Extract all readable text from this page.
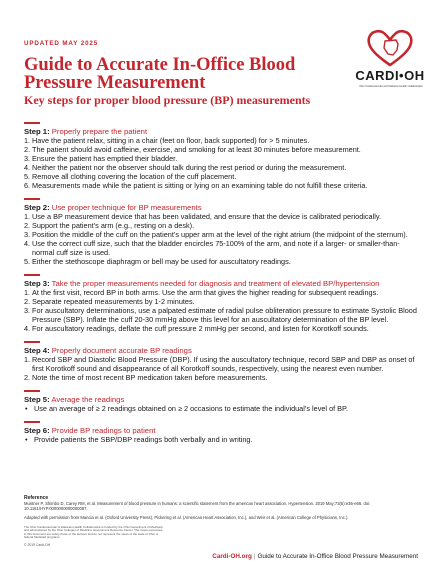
UPDATED MAY 2025
Guide to Accurate In-Office Blood Pressure Measurement
Key steps for proper blood pressure (BP) measurements
CARDI•OH
Ohio Cardiovascular and Diabetes Health Collaborative
Step 1: Properly prepare the patient
1. Have the patient relax, sitting in a chair (feet on floor, back supported) for > 5 minutes.
2. The patient should avoid caffeine, exercise, and smoking for at least 30 minutes before measurement.
3. Ensure the patient has emptied their bladder.
4. Neither the patient nor the observer should talk during the rest period or during the measurement.
5. Remove all clothing covering the location of the cuff placement.
6. Measurements made while the patient is sitting or lying on an examining table do not fulfill these criteria.
Step 2: Use proper technique for BP measurements
1. Use a BP measurement device that has been validated, and ensure that the device is calibrated periodically.
2. Support the patient’s arm (e.g., resting on a desk).
3. Position the middle of the cuff on the patient’s upper arm at the level of the right atrium (the midpoint of the sternum).
4. Use the correct cuff size, such that the bladder encircles 75-100% of the arm, and note if a larger- or smaller-than-normal cuff size is used.
5. Either the stethoscope diaphragm or bell may be used for auscultatory readings.
Step 3: Take the proper measurements needed for diagnosis and treatment of elevated BP/hypertension
1. At the first visit, record BP in both arms. Use the arm that gives the higher reading for subsequent readings.
2. Separate repeated measurements by 1-2 minutes.
3. For auscultatory determinations, use a palpated estimate of radial pulse obliteration pressure to estimate Systolic Blood Pressure (SBP). Inflate the cuff 20-30 mmHg above this level for an auscultatory determination of the BP level.
4. For auscultatory readings, deflate the cuff pressure 2 mmHg per second, and listen for Korotkoff sounds.
Step 4: Properly document accurate BP readings
1. Record SBP and Diastolic Blood Pressure (DBP). If using the auscultatory technique, record SBP and DBP as onset of first Korotkoff sound and disappearance of all Korotkoff sounds, respectively, using the nearest even number.
2. Note the time of most recent BP medication taken before measurements.
Step 5: Average the readings
• Use an average of ≥ 2 readings obtained on ≥ 2 occasions to estimate the individual’s level of BP.
Step 6: Provide BP readings to patient
• Provide patients the SBP/DBP readings both verbally and in writing.
Reference
Muntner P, Shimbo D, Carey RM, et al. Measurement of blood pressure in humans: a scientific statement from the american heart association. Hypertension. 2019 May;73(5):e35-e66. doi: 10.1161/HYP.0000000000000087.
Adapted with permission from Mancia et al. (Oxford University Press), Pickering et al. (American Heart Association, Inc.), and Weir et al. (American College of Physicians, Inc.).
The Ohio Cardiovascular & Diabetes Health Collaborative is funded by the Ohio Department of Medicaid and administered by the Ohio Colleges of Medicine Government Resource Center. The views expressed in this document are solely those of the authors and do not represent the views of the state of Ohio or federal Medicaid programs.
© 2019 Cardi-OH
Cardi-OH.org | Guide to Accurate In-Office Blood Pressure Measurement
